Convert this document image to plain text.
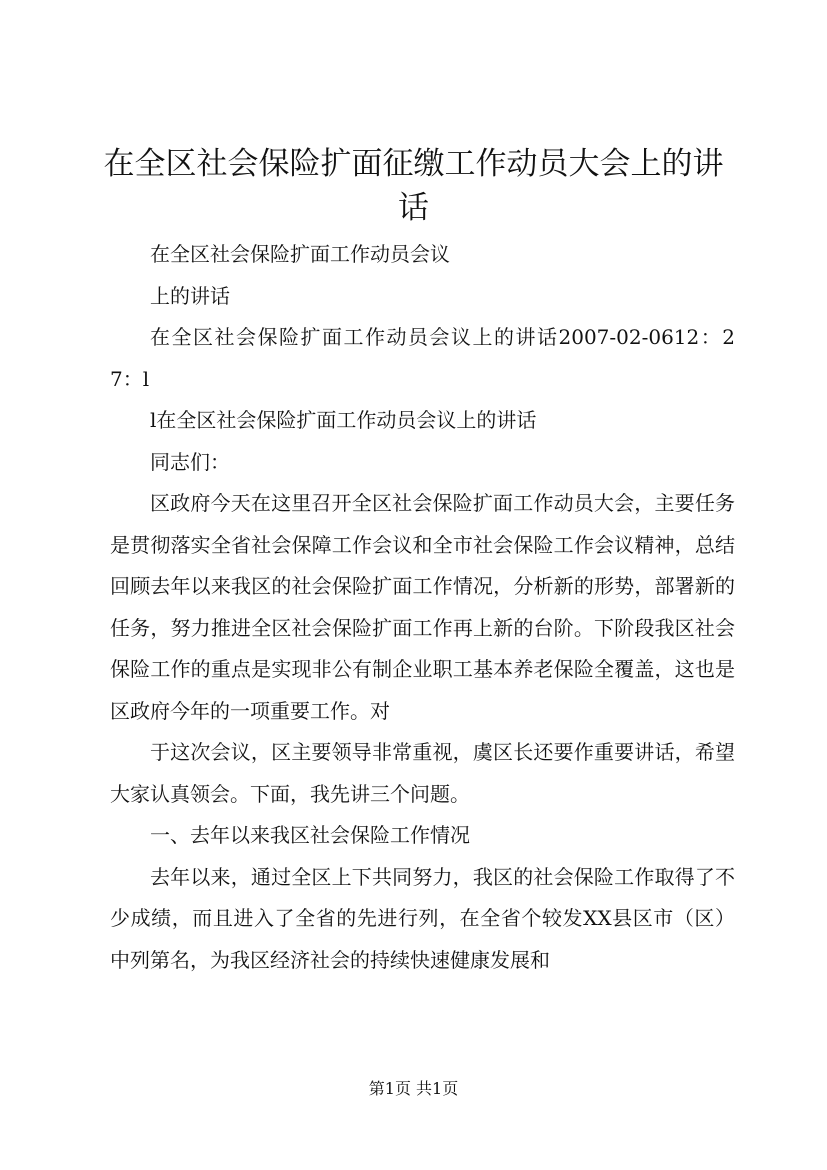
在全区社会保险扩面征缴工作动员大会上的讲话

在全区社会保险扩面工作动员会议

上的讲话

在全区社会保险扩面工作动员会议上的讲话2007-02-0612：27：l

l在全区社会保险扩面工作动员会议上的讲话

同志们：

区政府今天在这里召开全区社会保险扩面工作动员大会，主要任务是贯彻落实全省社会保障工作会议和全市社会保险工作会议精神，总结回顾去年以来我区的社会保险扩面工作情况，分析新的形势，部署新的任务，努力推进全区社会保险扩面工作再上新的台阶。下阶段我区社会保险工作的重点是实现非公有制企业职工基本养老保险全覆盖，这也是区政府今年的一项重要工作。对

于这次会议，区主要领导非常重视，虞区长还要作重要讲话，希望大家认真领会。下面，我先讲三个问题。

一、去年以来我区社会保险工作情况

去年以来，通过全区上下共同努力，我区的社会保险工作取得了不少成绩，而且进入了全省的先进行列，在全省个较发XX县区市（区）中列第名，为我区经济社会的持续快速健康发展和

第1页 共1页
